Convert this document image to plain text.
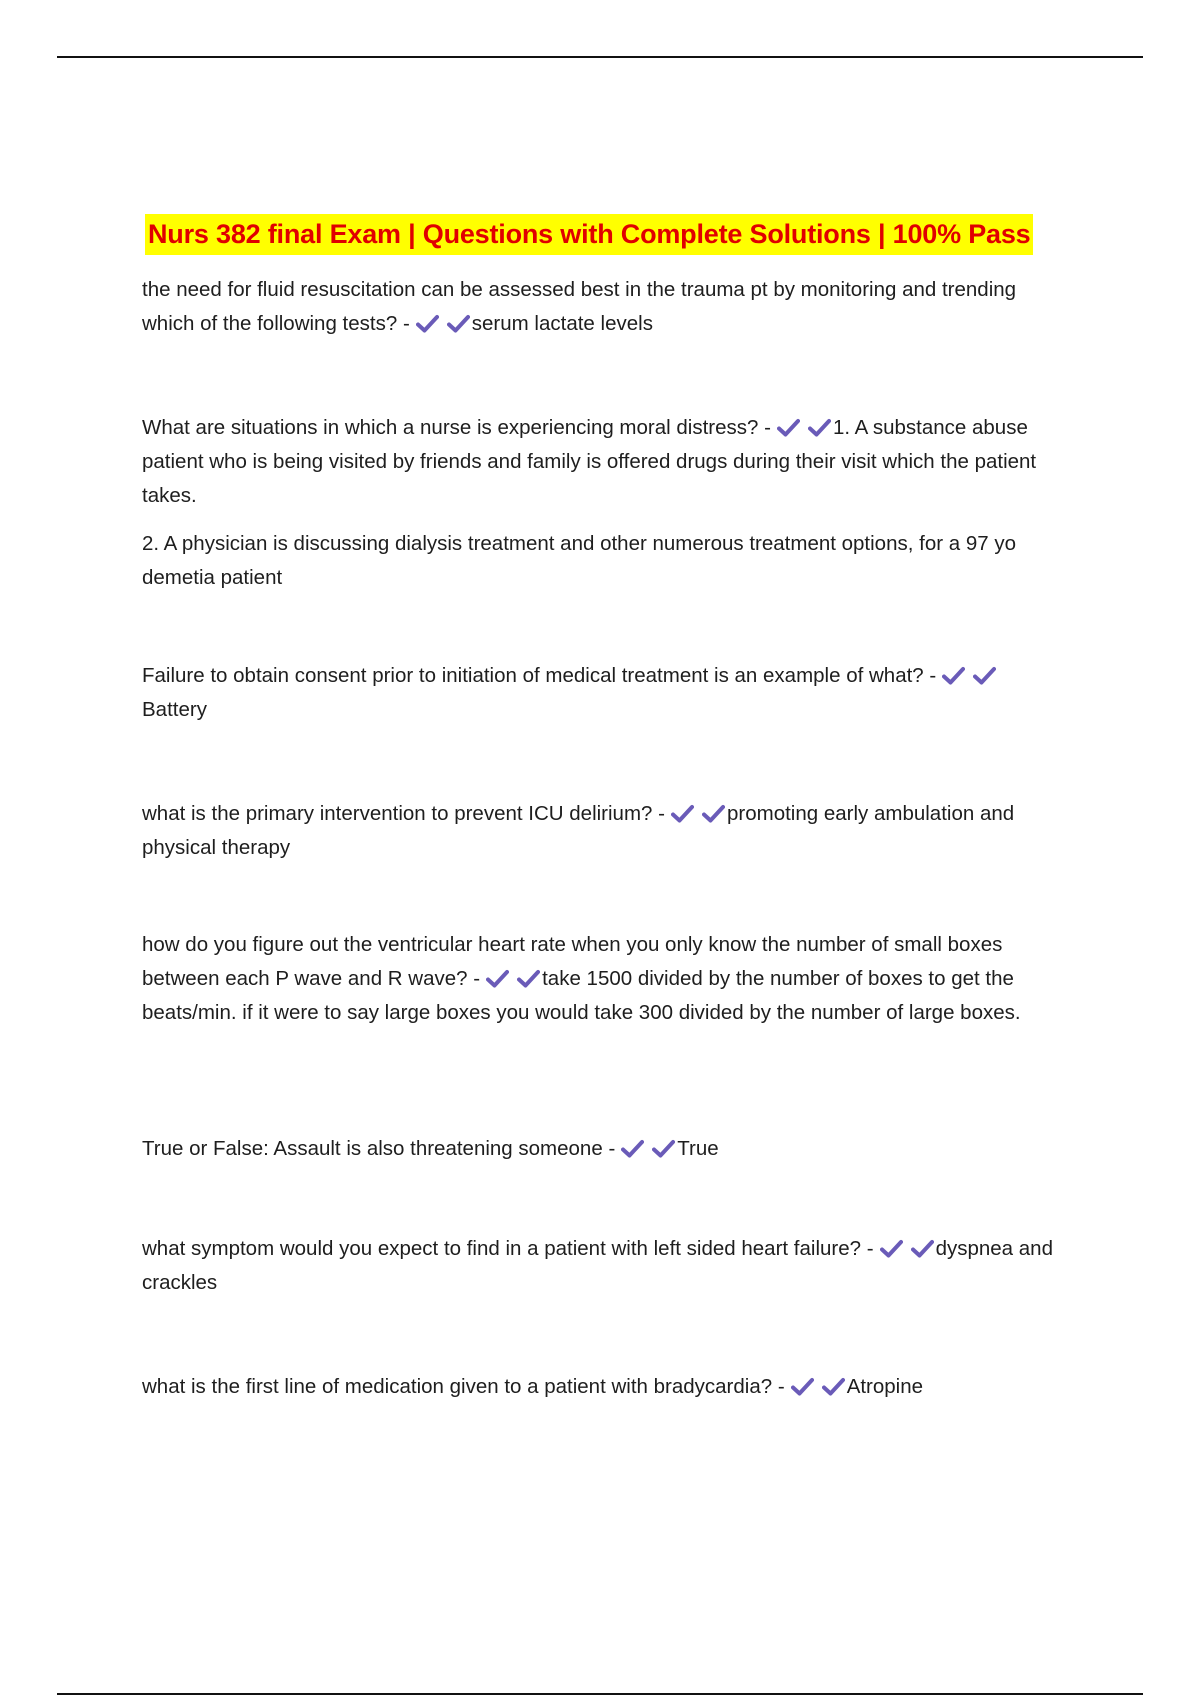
Nurs 382 final Exam | Questions with Complete Solutions | 100% Pass

the need for fluid resuscitation can be assessed best in the trauma pt by monitoring and trending which of the following tests? -	serum lactate levels

What are situations in which a nurse is experiencing moral distress? -	1. A substance abuse patient who is being visited by friends and family is offered drugs during their visit which the patient takes.

2. A physician is discussing dialysis treatment and other numerous treatment options, for a 97 yo demetia patient

Failure to obtain consent prior to initiation of medical treatment is an example of what? -
Battery

what is the primary intervention to prevent ICU delirium? -	promoting early ambulation and physical therapy

how do you figure out the ventricular heart rate when you only know the number of small boxes between each P wave and R wave? -	take 1500 divided by the number of boxes to get the beats/min. if it were to say large boxes you would take 300 divided by the number of large boxes.

True or False: Assault is also threatening someone -	True

what symptom would you expect to find in a patient with left sided heart failure? -	dyspnea and crackles

what is the first line of medication given to a patient with bradycardia? -	Atropine
